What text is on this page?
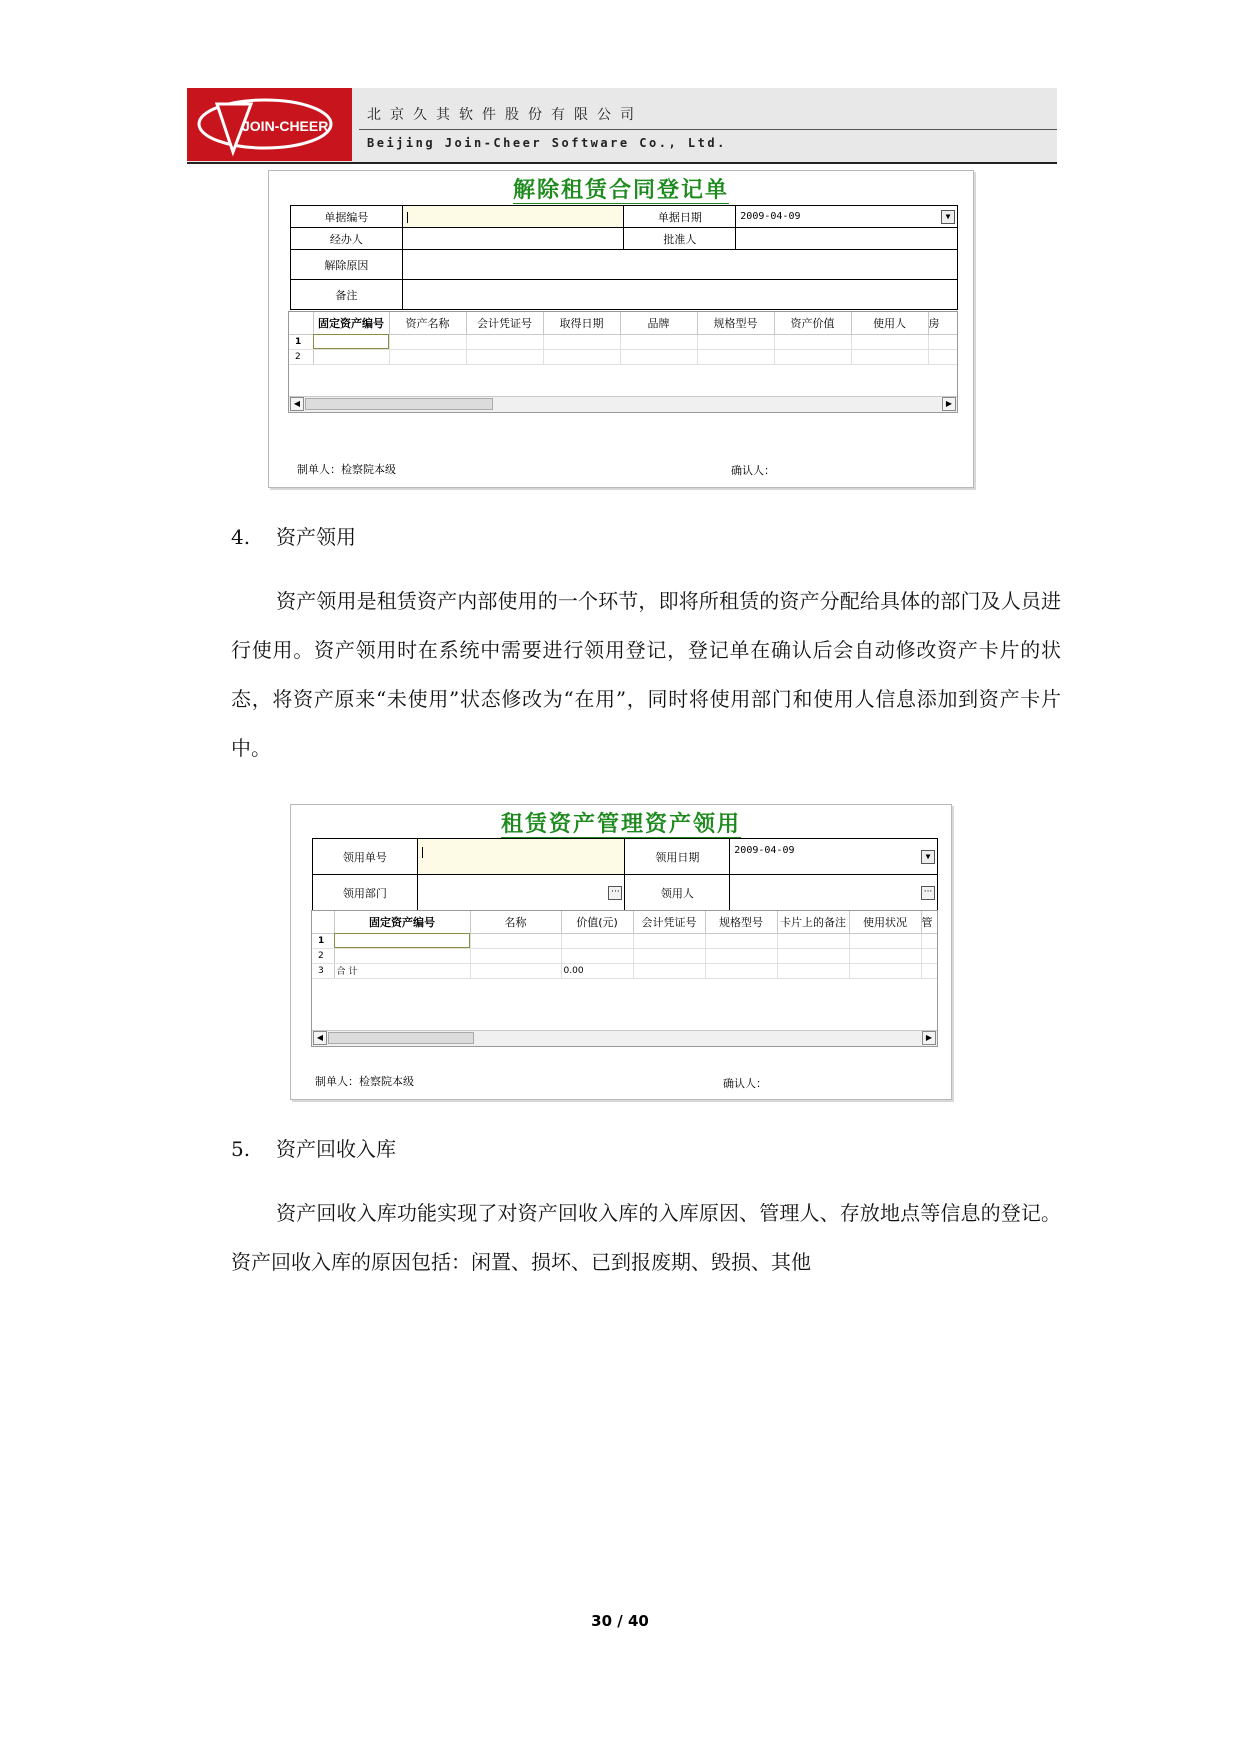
JOIN-CHEER
北京久其软件股份有限公司
Beijing Join-Cheer Software Co., Ltd.
解除租赁合同登记单
单据编号		单据日期	2009-04-09 ▼

经办人		批准人	
解除原因			
备注			
	固定资产编号	资产名称	会计凭证号	取得日期	品牌	规格型号	资产价值	使用人	房
1									
2									
◀	▶
制单人：检察院本级	确认人：
4. 资产领用
资产领用是租赁资产内部使用的一个环节，即将所租赁的资产分配给具体的部门及人员进行使用。资产领用时在系统中需要进行领用登记，登记单在确认后会自动修改资产卡片的状态，将资产原来“未使用”状态修改为“在用”，同时将使用部门和使用人信息添加到资产卡片中。
租赁资产管理资产领用
领用单号		领用日期	2009-04-09 ▼

领用部门	···	领用人	···
	固定资产编号	名称	价值(元)	会计凭证号	规格型号	卡片上的备注	使用状况	管
1								
2								
3	合 计		0.00					
◀	▶
制单人：检察院本级	确认人：
5. 资产回收入库
资产回收入库功能实现了对资产回收入库的入库原因、管理人、存放地点等信息的登记。资产回收入库的原因包括：闲置、损坏、已到报废期、毁损、其他
30 / 40
